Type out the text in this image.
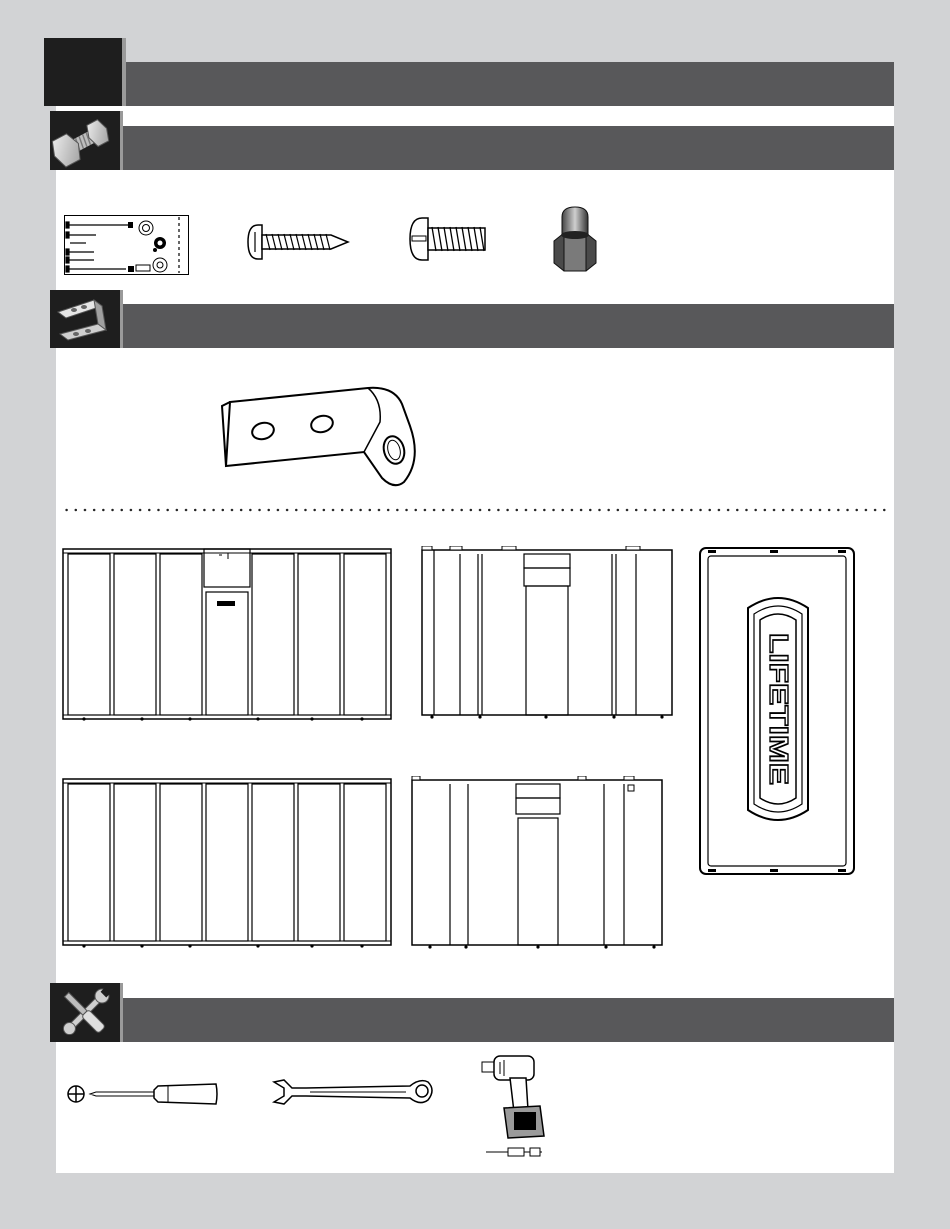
LIFETIME
